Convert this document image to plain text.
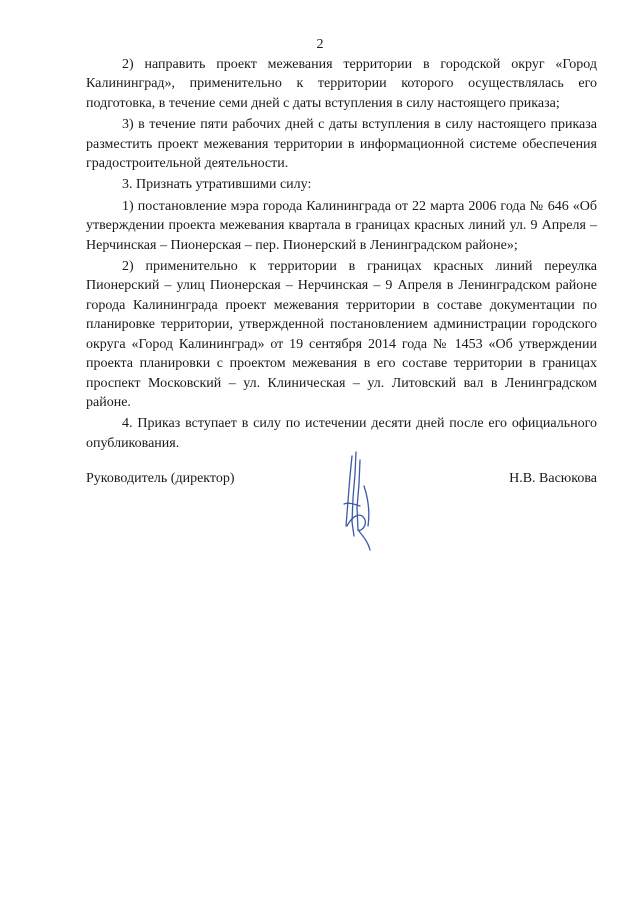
2

2) направить проект межевания территории в городской округ «Город Калининград», применительно к территории которого осуществлялась его подготовка, в течение семи дней с даты вступления в силу настоящего приказа;

3) в течение пяти рабочих дней с даты вступления в силу настоящего приказа разместить проект межевания территории в информационной системе обеспечения градостроительной деятельности.

3. Признать утратившими силу:

1) постановление мэра города Калининграда от 22 марта 2006 года № 646 «Об утверждении проекта межевания квартала в границах красных линий ул. 9 Апреля – Нерчинская – Пионерская – пер. Пионерский в Ленинградском районе»;

2) применительно к территории в границах красных линий переулка Пионерский – улиц Пионерская – Нерчинская – 9 Апреля в Ленинградском районе города Калининграда проект межевания территории в составе документации по планировке территории, утвержденной постановлением администрации городского округа «Город Калининград» от 19 сентября 2014 года № 1453 «Об утверждении проекта планировки с проектом межевания в его составе территории в границах проспект Московский – ул. Клиническая – ул. Литовский вал в Ленинградском районе.

4. Приказ вступает в силу по истечении десяти дней после его официального опубликования.

Руководитель (директор)	Н.В. Васюкова
